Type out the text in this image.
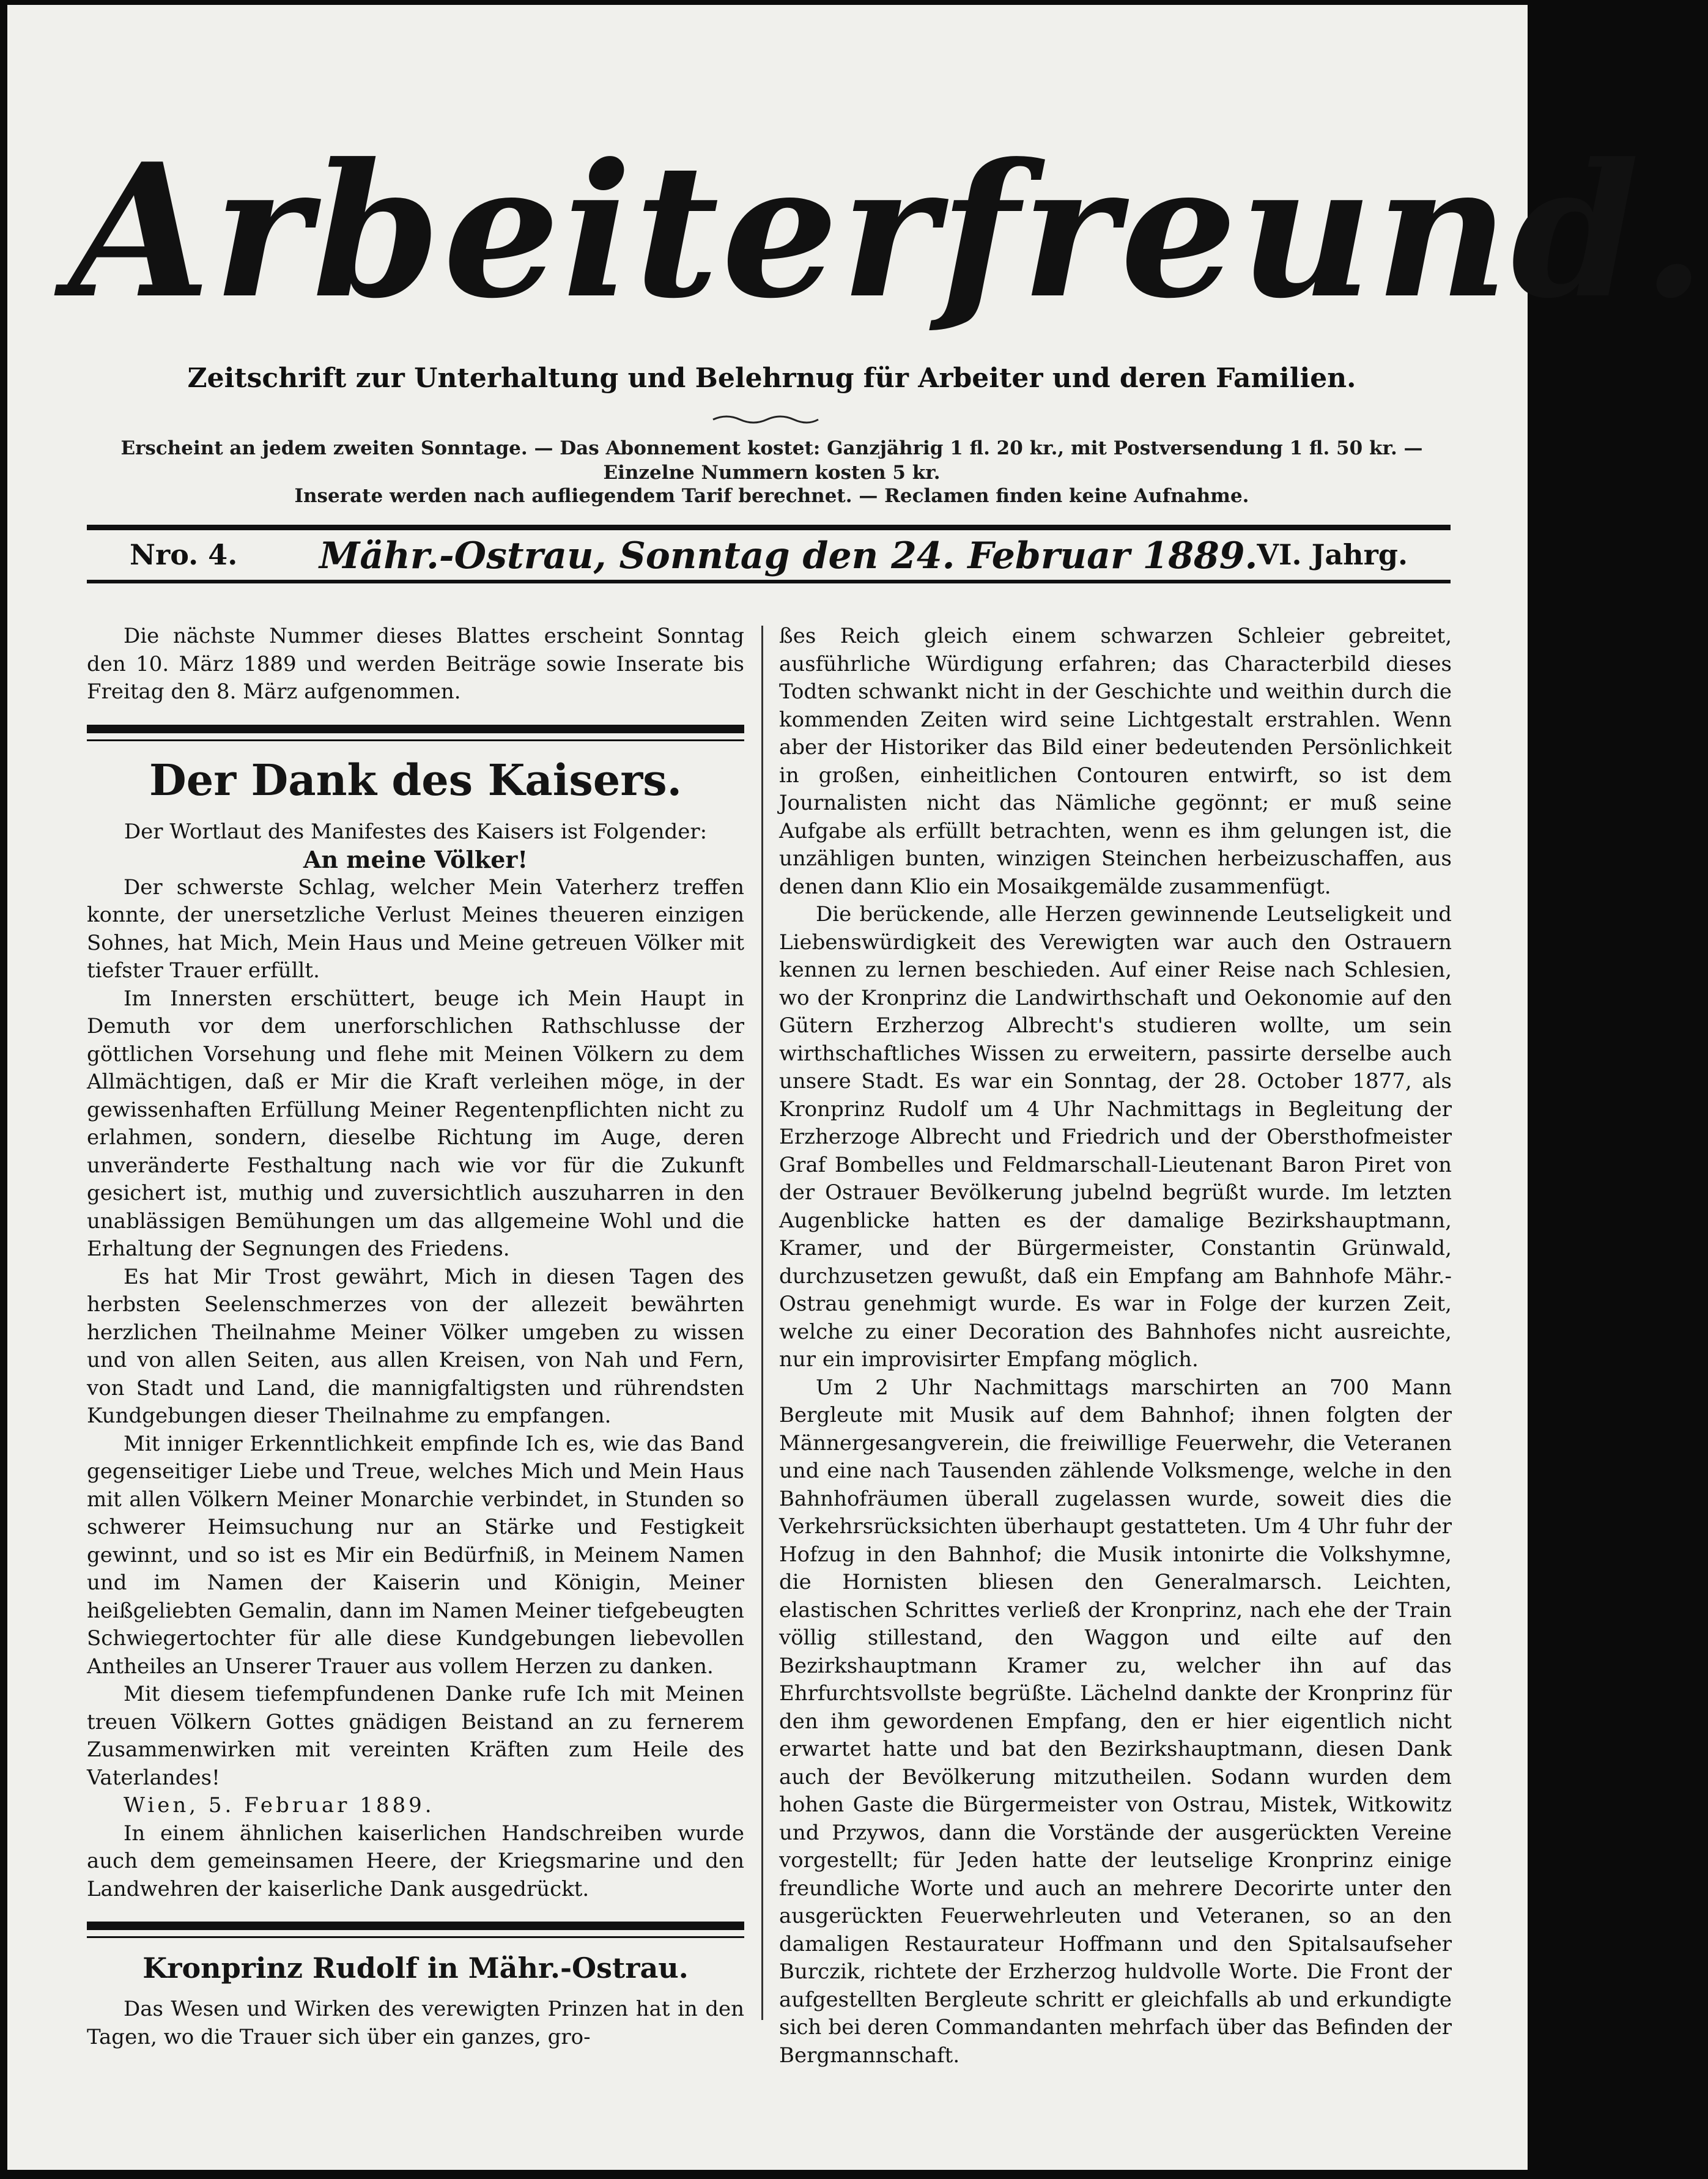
Arbeiterfreund.
Zeitschrift zur Unterhaltung und Belehrnug für Arbeiter und deren Familien.
Erscheint an jedem zweiten Sonntage. — Das Abonnement kostet: Ganzjährig 1 fl. 20 kr., mit Postversendung 1 fl. 50 kr. — Einzelne Nummern kosten 5 kr.
Inserate werden nach aufliegendem Tarif berechnet. — Reclamen finden keine Aufnahme.
Nro. 4. Mähr.-Ostrau, Sonntag den 24. Februar 1889.
VI. Jahrg.

Die nächste Nummer dieses Blattes erscheint Sonntag den 10. März 1889 und werden Beiträge sowie Inserate bis Freitag den 8. März aufgenommen.

Der Dank des Kaisers.

Der Wortlaut des Manifestes des Kaisers ist Folgender:

An meine Völker!

Der schwerste Schlag, welcher Mein Vaterherz treffen konnte, der unersetzliche Verlust Meines theueren einzigen Sohnes, hat Mich, Mein Haus und Meine getreuen Völker mit tiefster Trauer erfüllt.

Im Innersten erschüttert, beuge ich Mein Haupt in Demuth vor dem unerforschlichen Rathschlusse der göttlichen Vorsehung und flehe mit Meinen Völkern zu dem Allmächtigen, daß er Mir die Kraft verleihen möge, in der gewissenhaften Erfüllung Meiner Regentenpflichten nicht zu erlahmen, sondern, dieselbe Richtung im Auge, deren unveränderte Festhaltung nach wie vor für die Zukunft gesichert ist, muthig und zuversichtlich auszuharren in den unablässigen Bemühungen um das allgemeine Wohl und die Erhaltung der Segnungen des Friedens.

Es hat Mir Trost gewährt, Mich in diesen Tagen des herbsten Seelenschmerzes von der allezeit bewährten herzlichen Theilnahme Meiner Völker umgeben zu wissen und von allen Seiten, aus allen Kreisen, von Nah und Fern, von Stadt und Land, die mannigfaltigsten und rührendsten Kundgebungen dieser Theilnahme zu empfangen.

Mit inniger Erkenntlichkeit empfinde Ich es, wie das Band gegenseitiger Liebe und Treue, welches Mich und Mein Haus mit allen Völkern Meiner Monarchie verbindet, in Stunden so schwerer Heimsuchung nur an Stärke und Festigkeit gewinnt, und so ist es Mir ein Bedürfniß, in Meinem Namen und im Namen der Kaiserin und Königin, Meiner heißgeliebten Gemalin, dann im Namen Meiner tiefgebeugten Schwiegertochter für alle diese Kundgebungen liebevollen Antheiles an Unserer Trauer aus vollem Herzen zu danken.

Mit diesem tiefempfundenen Danke rufe Ich mit Meinen treuen Völkern Gottes gnädigen Beistand an zu fernerem Zusammenwirken mit vereinten Kräften zum Heile des Vaterlandes!

Wien, 5. Februar 1889.

In einem ähnlichen kaiserlichen Handschreiben wurde auch dem gemeinsamen Heere, der Kriegsmarine und den Landwehren der kaiserliche Dank ausgedrückt.

Kronprinz Rudolf in Mähr.-Ostrau.

Das Wesen und Wirken des verewigten Prinzen hat in den Tagen, wo die Trauer sich über ein ganzes, gro-

ßes Reich gleich einem schwarzen Schleier gebreitet, ausführliche Würdigung erfahren; das Characterbild dieses Todten schwankt nicht in der Geschichte und weithin durch die kommenden Zeiten wird seine Lichtgestalt erstrahlen. Wenn aber der Historiker das Bild einer bedeutenden Persönlichkeit in großen, einheitlichen Contouren entwirft, so ist dem Journalisten nicht das Nämliche gegönnt; er muß seine Aufgabe als erfüllt betrachten, wenn es ihm gelungen ist, die unzähligen bunten, winzigen Steinchen herbeizuschaffen, aus denen dann Klio ein Mosaikgemälde zusammenfügt.

Die berückende, alle Herzen gewinnende Leutseligkeit und Liebenswürdigkeit des Verewigten war auch den Ostrauern kennen zu lernen beschieden. Auf einer Reise nach Schlesien, wo der Kronprinz die Landwirthschaft und Oekonomie auf den Gütern Erzherzog Albrecht's studieren wollte, um sein wirthschaftliches Wissen zu erweitern, passirte derselbe auch unsere Stadt. Es war ein Sonntag, der 28. October 1877, als Kronprinz Rudolf um 4 Uhr Nachmittags in Begleitung der Erzherzoge Albrecht und Friedrich und der Obersthofmeister Graf Bombelles und Feldmarschall-Lieutenant Baron Piret von der Ostrauer Bevölkerung jubelnd begrüßt wurde. Im letzten Augenblicke hatten es der damalige Bezirkshauptmann, Kramer, und der Bürgermeister, Constantin Grünwald, durchzusetzen gewußt, daß ein Empfang am Bahnhofe Mähr.-Ostrau genehmigt wurde. Es war in Folge der kurzen Zeit, welche zu einer Decoration des Bahnhofes nicht ausreichte, nur ein improvisirter Empfang möglich.

Um 2 Uhr Nachmittags marschirten an 700 Mann Bergleute mit Musik auf dem Bahnhof; ihnen folgten der Männergesangverein, die freiwillige Feuerwehr, die Veteranen und eine nach Tausenden zählende Volksmenge, welche in den Bahnhofräumen überall zugelassen wurde, soweit dies die Verkehrsrücksichten überhaupt gestatteten. Um 4 Uhr fuhr der Hofzug in den Bahnhof; die Musik intonirte die Volkshymne, die Hornisten bliesen den Generalmarsch. Leichten, elastischen Schrittes verließ der Kronprinz, nach ehe der Train völlig stillestand, den Waggon und eilte auf den Bezirkshauptmann Kramer zu, welcher ihn auf das Ehrfurchtsvollste begrüßte. Lächelnd dankte der Kronprinz für den ihm gewordenen Empfang, den er hier eigentlich nicht erwartet hatte und bat den Bezirkshauptmann, diesen Dank auch der Bevölkerung mitzutheilen. Sodann wurden dem hohen Gaste die Bürgermeister von Ostrau, Mistek, Witkowitz und Przywos, dann die Vorstände der ausgerückten Vereine vorgestellt; für Jeden hatte der leutselige Kronprinz einige freundliche Worte und auch an mehrere Decorirte unter den ausgerückten Feuerwehrleuten und Veteranen, so an den damaligen Restaurateur Hoffmann und den Spitalsaufseher Burczik, richtete der Erzherzog huldvolle Worte. Die Front der aufgestellten Bergleute schritt er gleichfalls ab und erkundigte sich bei deren Commandanten mehrfach über das Befinden der Bergmannschaft.
